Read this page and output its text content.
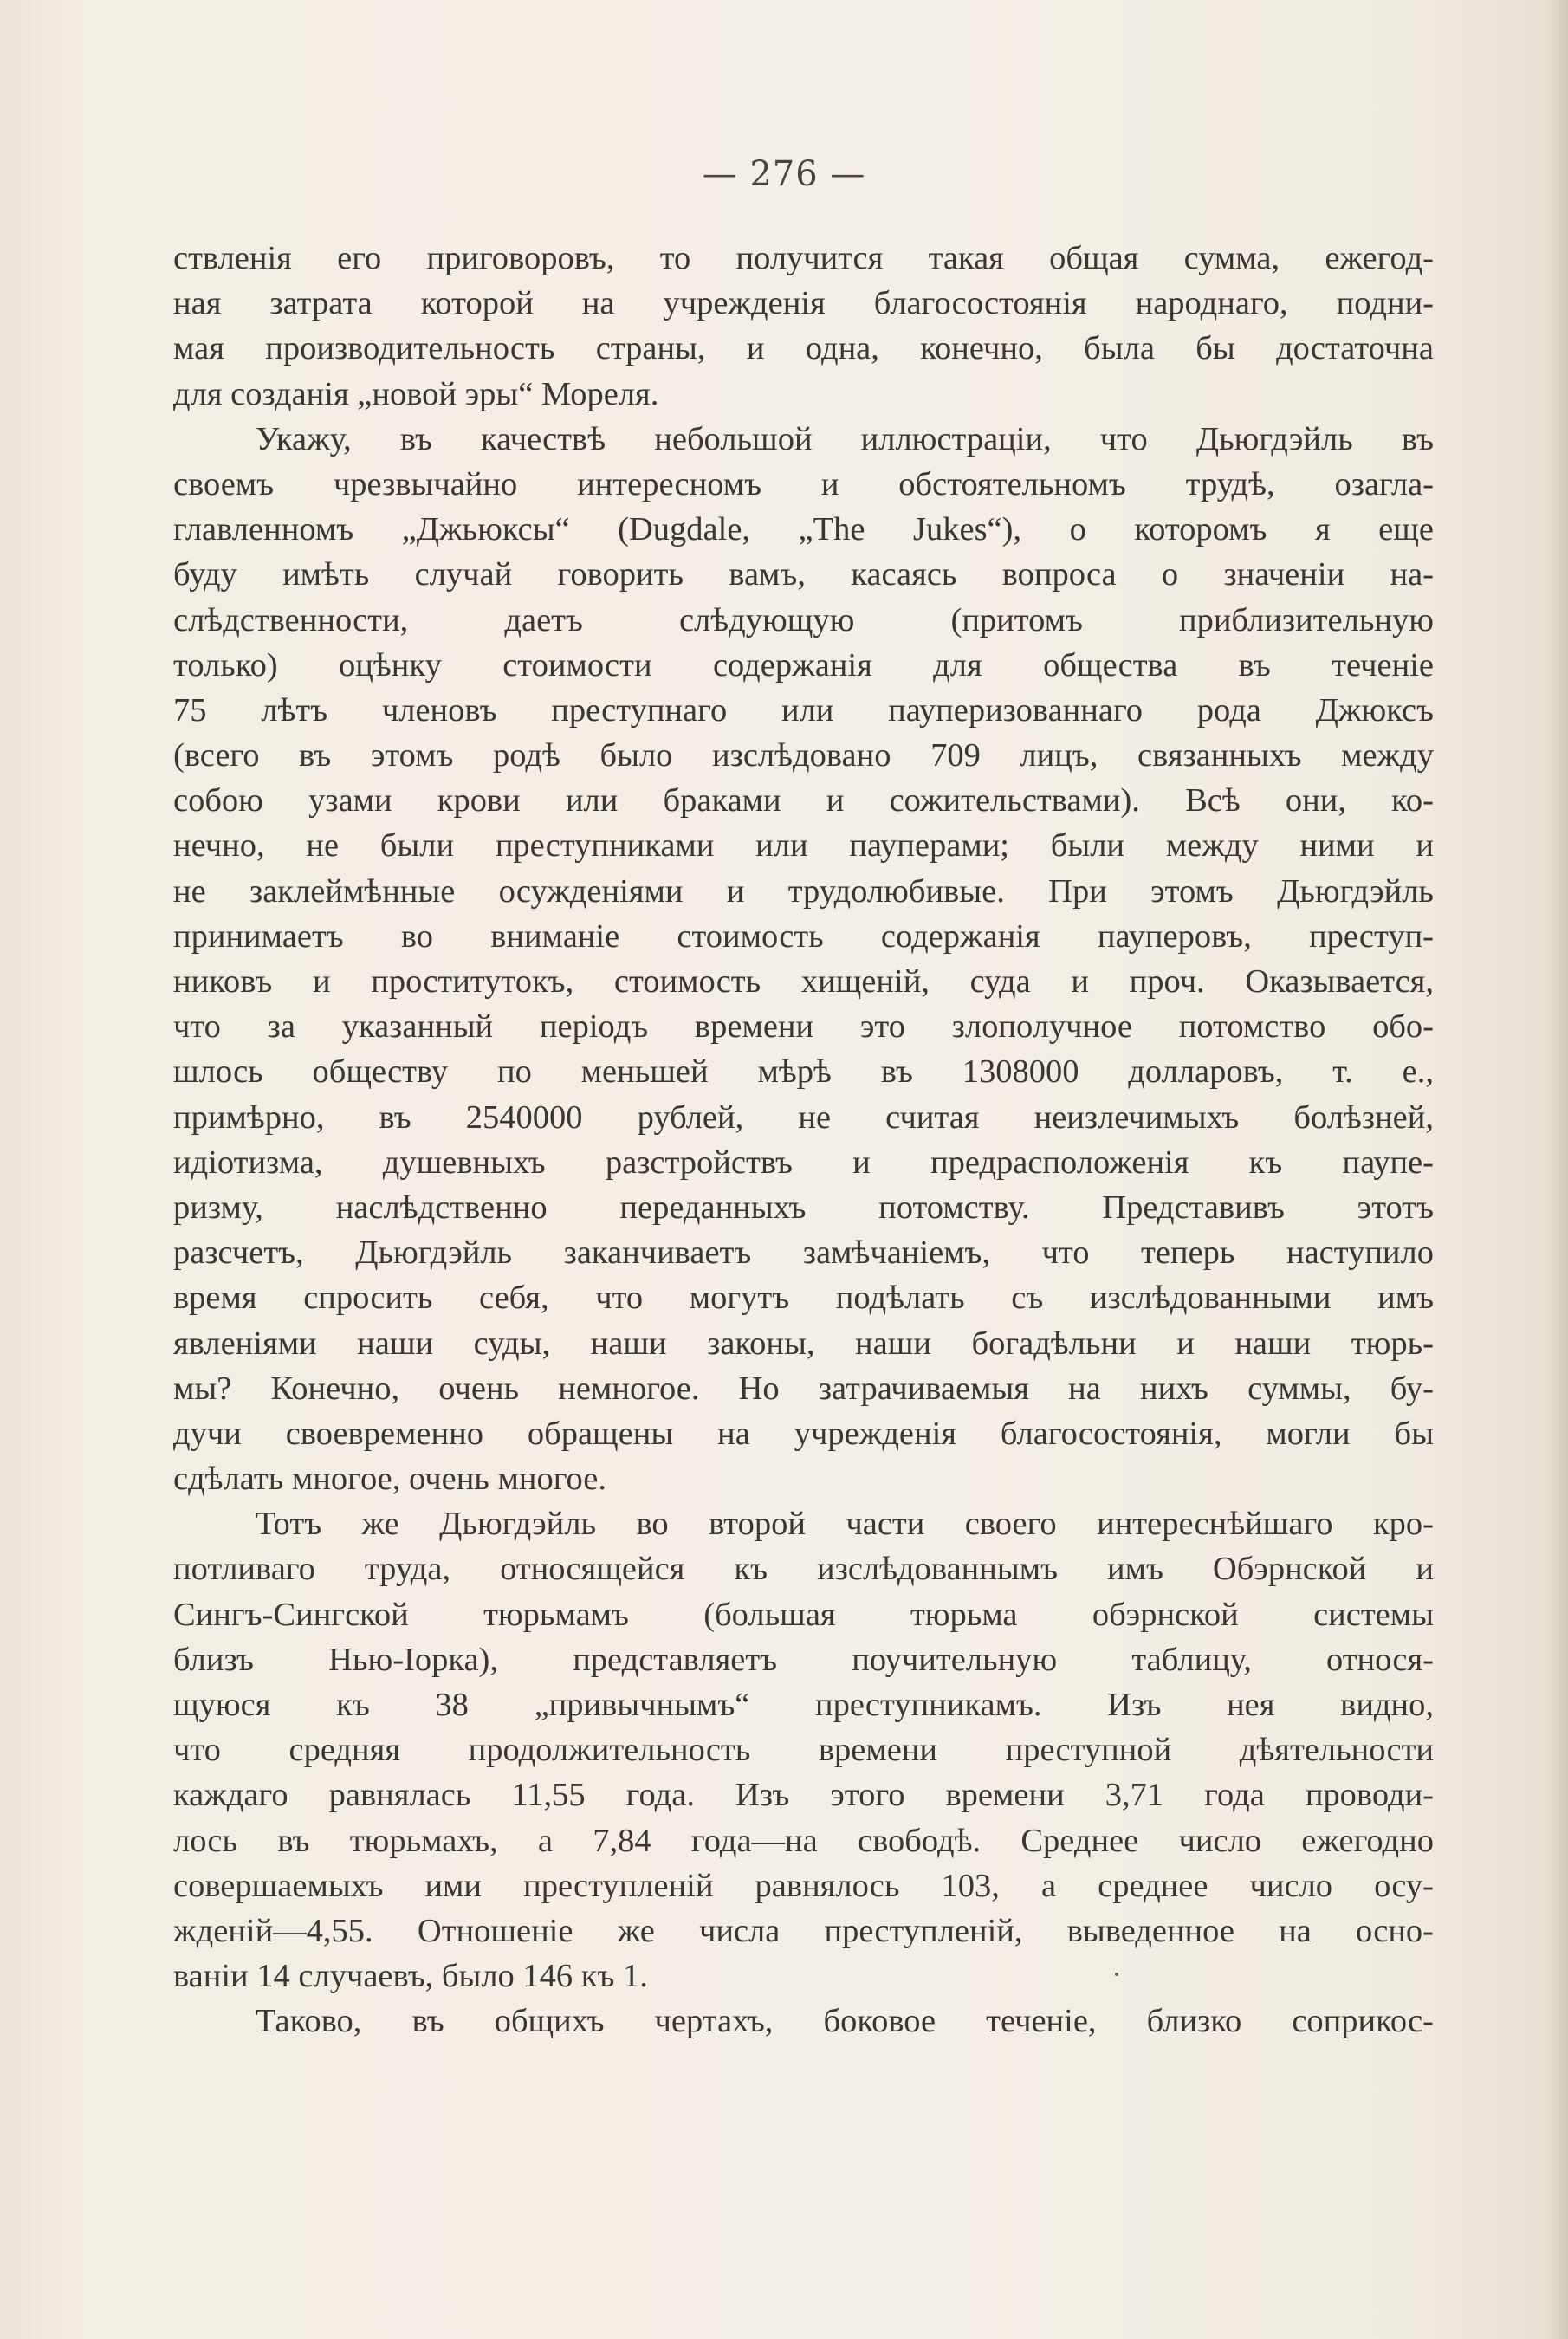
— 276 —
ствленія его приговоровъ, то получится такая общая сумма, ежегод-
ная затрата которой на учрежденія благосостоянія народнаго, подни-
мая производительность страны, и одна, конечно, была бы достаточна
для созданія „новой эры“ Мореля.
Укажу, въ качествѣ небольшой иллюстраціи, что Дьюгдэйль въ
своемъ чрезвычайно интересномъ и обстоятельномъ трудѣ, озагла-
главленномъ „Джьюксы“ (Dugdale, „The Jukes“), о которомъ я еще
буду имѣть случай говорить вамъ, касаясь вопроса о значеніи на-
слѣдственности, даетъ слѣдующую (притомъ приблизительную
только) оцѣнку стоимости содержанія для общества въ теченіе
75 лѣтъ членовъ преступнаго или пауперизованнаго рода Джюксъ
(всего въ этомъ родѣ было изслѣдовано 709 лицъ, связанныхъ между
собою узами крови или браками и сожительствами). Всѣ они, ко-
нечно, не были преступниками или пауперами; были между ними и
не заклеймѣнные осужденіями и трудолюбивые. При этомъ Дьюгдэйль
принимаетъ во вниманіе стоимость содержанія пауперовъ, преступ-
никовъ и проститутокъ, стоимость хищеній, суда и проч. Оказывается,
что за указанный періодъ времени это злополучное потомство обо-
шлось обществу по меньшей мѣрѣ въ 1308000 долларовъ, т. е.,
примѣрно, въ 2540000 рублей, не считая неизлечимыхъ болѣзней,
идіотизма, душевныхъ разстройствъ и предрасположенія къ паупе-
ризму, наслѣдственно переданныхъ потомству. Представивъ этотъ
разсчетъ, Дьюгдэйль заканчиваетъ замѣчаніемъ, что теперь наступило
время спросить себя, что могутъ подѣлать съ изслѣдованными имъ
явленіями наши суды, наши законы, наши богадѣльни и наши тюрь-
мы? Конечно, очень немногое. Но затрачиваемыя на нихъ суммы, бу-
дучи своевременно обращены на учрежденія благосостоянія, могли бы
сдѣлать многое, очень многое.
Тотъ же Дьюгдэйль во второй части своего интереснѣйшаго кро-
потливаго труда, относящейся къ изслѣдованнымъ имъ Обэрнской и
Сингъ-Сингской тюрьмамъ (большая тюрьма обэрнской системы
близъ Нью-Іорка), представляетъ поучительную таблицу, относя-
щуюся къ 38 „привычнымъ“ преступникамъ. Изъ нея видно,
что средняя продолжительность времени преступной дѣятельности
каждаго равнялась 11,55 года. Изъ этого времени 3,71 года проводи-
лось въ тюрьмахъ, а 7,84 года—на свободѣ. Среднее число ежегодно
совершаемыхъ ими преступленій равнялось 103, а среднее число осу-
жденій—4,55. Отношеніе же числа преступленій, выведенное на осно-
ваніи 14 случаевъ, было 146 къ 1.
Таково, въ общихъ чертахъ, боковое теченіе, близко соприкос-
